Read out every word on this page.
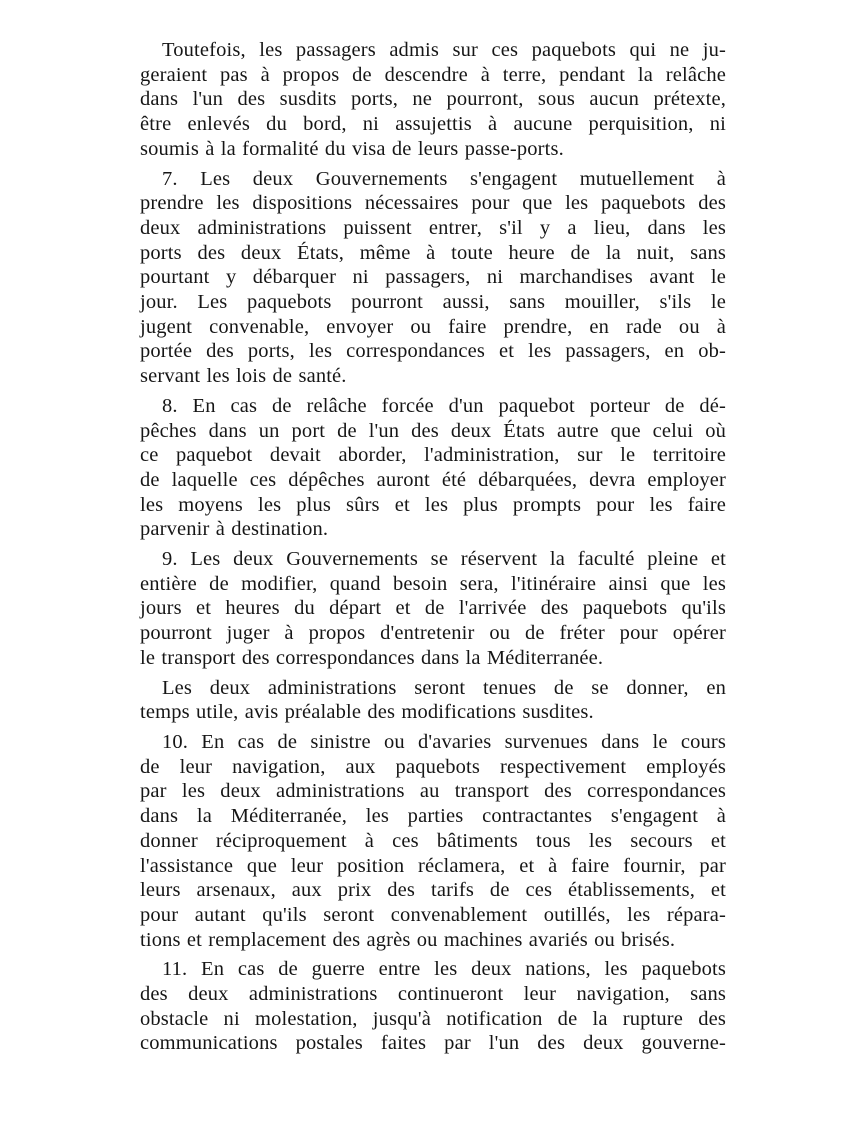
Toutefois, les passagers admis sur ces paquebots qui ne ju-
geraient pas à propos de descendre à terre, pendant la relâche
dans l'un des susdits ports, ne pourront, sous aucun prétexte,
être enlevés du bord, ni assujettis à aucune perquisition, ni
soumis à la formalité du visa de leurs passe-ports.
7. Les deux Gouvernements s'engagent mutuellement à
prendre les dispositions nécessaires pour que les paquebots des
deux administrations puissent entrer, s'il y a lieu, dans les
ports des deux États, même à toute heure de la nuit, sans
pourtant y débarquer ni passagers, ni marchandises avant le
jour. Les paquebots pourront aussi, sans mouiller, s'ils le
jugent convenable, envoyer ou faire prendre, en rade ou à
portée des ports, les correspondances et les passagers, en ob-
servant les lois de santé.
8. En cas de relâche forcée d'un paquebot porteur de dé-
pêches dans un port de l'un des deux États autre que celui où
ce paquebot devait aborder, l'administration, sur le territoire
de laquelle ces dépêches auront été débarquées, devra employer
les moyens les plus sûrs et les plus prompts pour les faire
parvenir à destination.
9. Les deux Gouvernements se réservent la faculté pleine et
entière de modifier, quand besoin sera, l'itinéraire ainsi que les
jours et heures du départ et de l'arrivée des paquebots qu'ils
pourront juger à propos d'entretenir ou de fréter pour opérer
le transport des correspondances dans la Méditerranée.
Les deux administrations seront tenues de se donner, en
temps utile, avis préalable des modifications susdites.
10. En cas de sinistre ou d'avaries survenues dans le cours
de leur navigation, aux paquebots respectivement employés
par les deux administrations au transport des correspondances
dans la Méditerranée, les parties contractantes s'engagent à
donner réciproquement à ces bâtiments tous les secours et
l'assistance que leur position réclamera, et à faire fournir, par
leurs arsenaux, aux prix des tarifs de ces établissements, et
pour autant qu'ils seront convenablement outillés, les répara-
tions et remplacement des agrès ou machines avariés ou brisés.
11. En cas de guerre entre les deux nations, les paquebots
des deux administrations continueront leur navigation, sans
obstacle ni molestation, jusqu'à notification de la rupture des
communications postales faites par l'un des deux gouverne-
